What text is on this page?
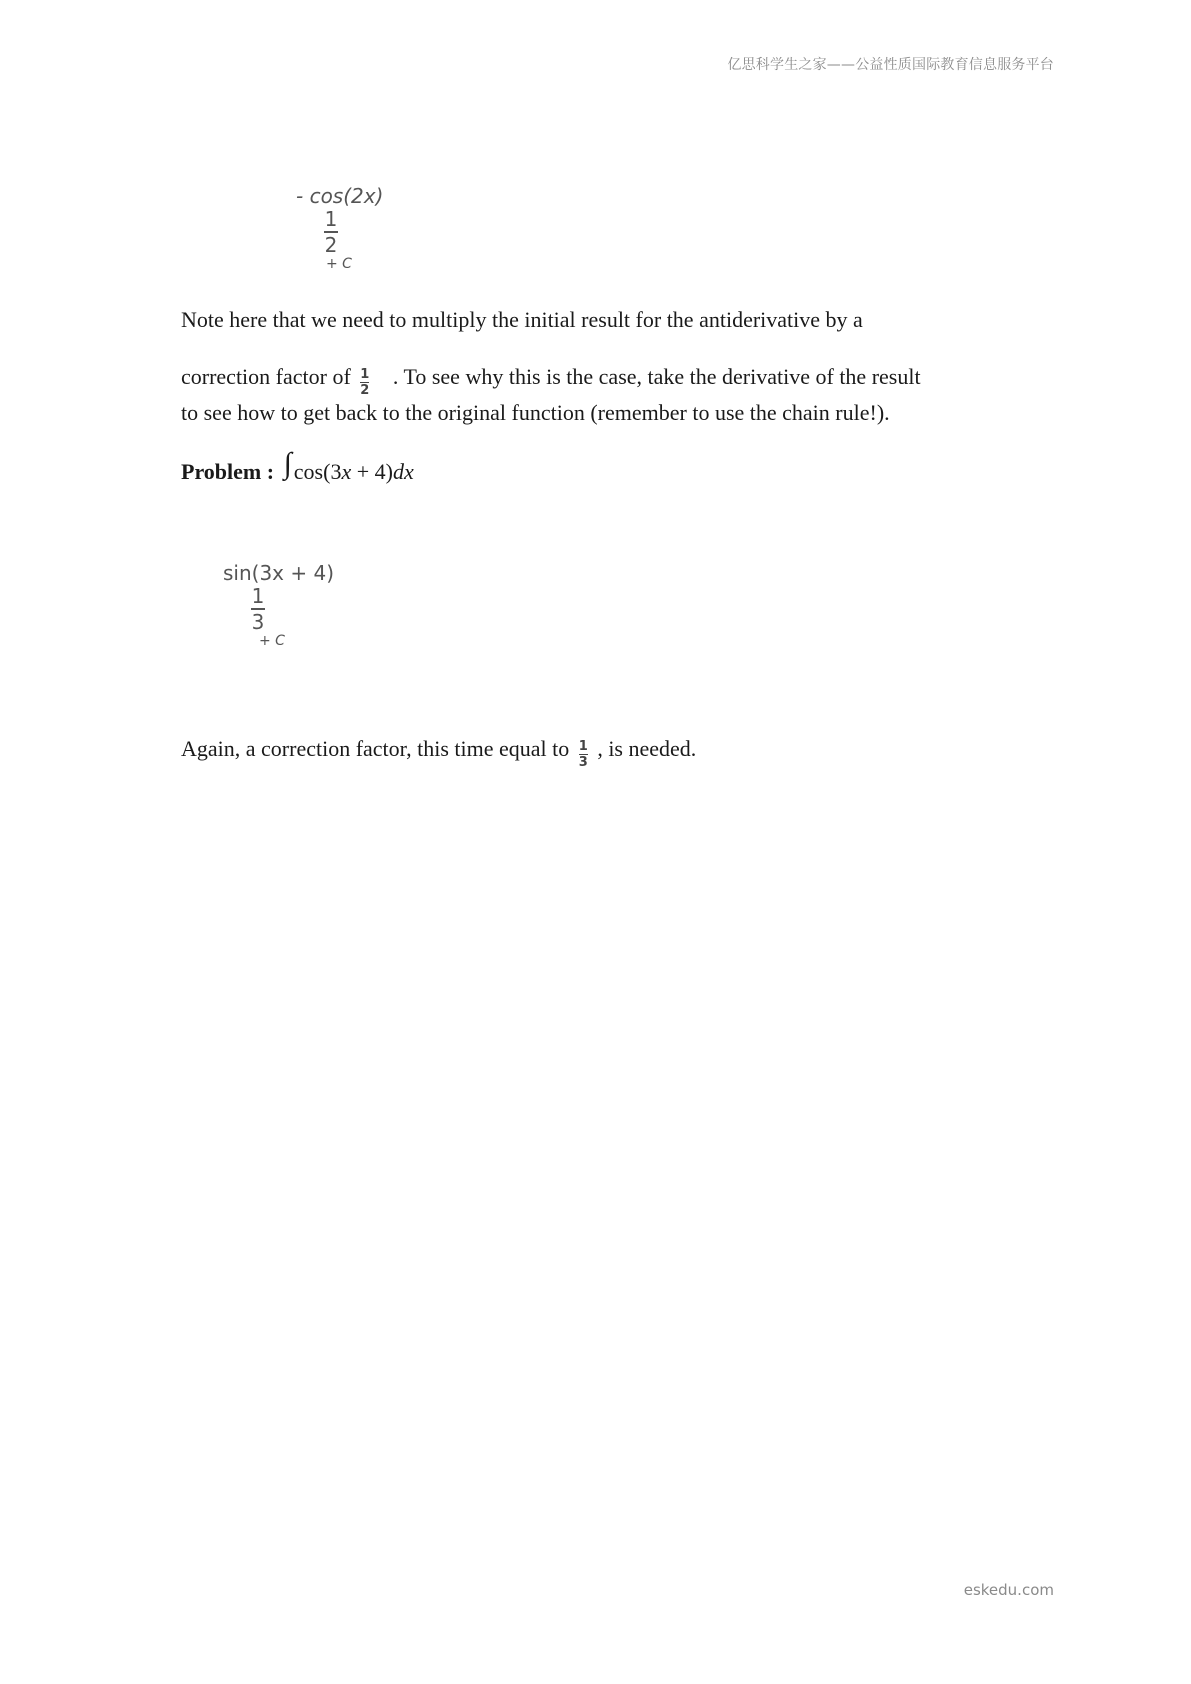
亿思科学生之家——公益性质国际教育信息服务平台
- cos(2x)
1
2
+ C
Note here that we need to multiply the initial result for the antiderivative by a
correction factor of $\frac{1}{2}$ . To see why this is the case, take the derivative of the result
to see how to get back to the original function (remember to use the chain rule!).
Problem : ∫cos(3x + 4)dx
sin(3x + 4)
1
3
+ C
Again, a correction factor, this time equal to $\frac{1}{3}$ , is needed.
eskedu.com
